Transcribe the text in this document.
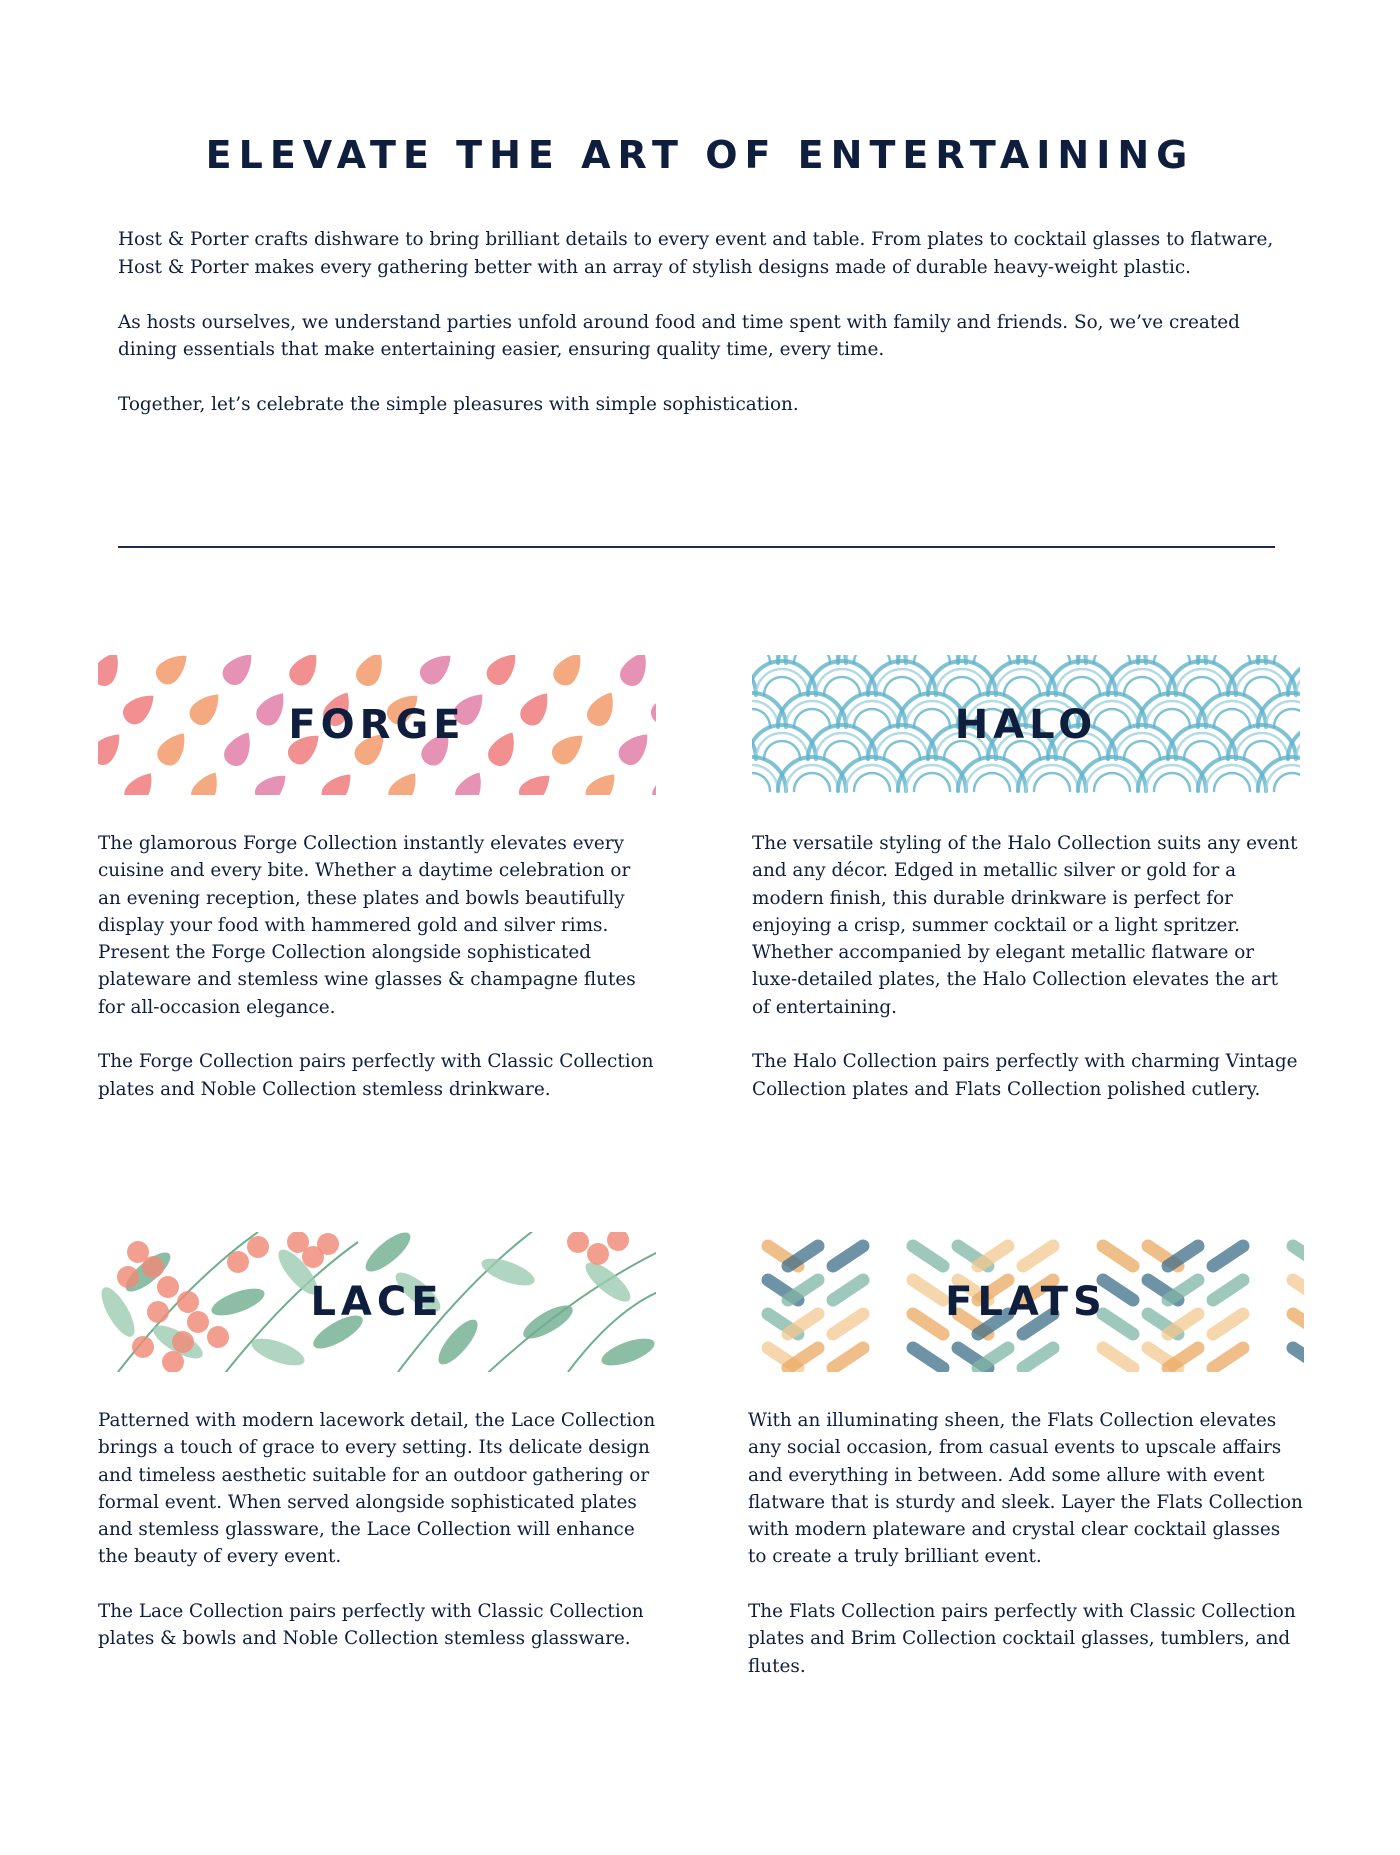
ELEVATE THE ART OF ENTERTAINING

Host & Porter crafts dishware to bring brilliant details to every event and table. From plates to cocktail glasses to flatware, Host & Porter makes every gathering better with an array of stylish designs made of durable heavy-weight plastic.

As hosts ourselves, we understand parties unfold around food and time spent with family and friends. So, we’ve created dining essentials that make entertaining easier, ensuring quality time, every time.

Together, let’s celebrate the simple pleasures with simple sophistication.

FORGE

The glamorous Forge Collection instantly elevates every cuisine and every bite. Whether a daytime celebration or an evening reception, these plates and bowls beautifully display your food with hammered gold and silver rims. Present the Forge Collection alongside sophisticated plateware and stemless wine glasses & champagne flutes for all-occasion elegance.

The Forge Collection pairs perfectly with Classic Collection plates and Noble Collection stemless drinkware.

HALO

The versatile styling of the Halo Collection suits any event and any décor. Edged in metallic silver or gold for a modern finish, this durable drinkware is perfect for enjoying a crisp, summer cocktail or a light spritzer. Whether accompanied by elegant metallic flatware or luxe-detailed plates, the Halo Collection elevates the art of entertaining.

The Halo Collection pairs perfectly with charming Vintage Collection plates and Flats Collection polished cutlery.

LACE

Patterned with modern lacework detail, the Lace Collection brings a touch of grace to every setting. Its delicate design and timeless aesthetic suitable for an outdoor gathering or formal event. When served alongside sophisticated plates and stemless glassware, the Lace Collection will enhance the beauty of every event.

The Lace Collection pairs perfectly with Classic Collection plates & bowls and Noble Collection stemless glassware.

FLATS

With an illuminating sheen, the Flats Collection elevates any social occasion, from casual events to upscale affairs and everything in between. Add some allure with event flatware that is sturdy and sleek. Layer the Flats Collection with modern plateware and crystal clear cocktail glasses to create a truly brilliant event.

The Flats Collection pairs perfectly with Classic Collection plates and Brim Collection cocktail glasses, tumblers, and flutes.
